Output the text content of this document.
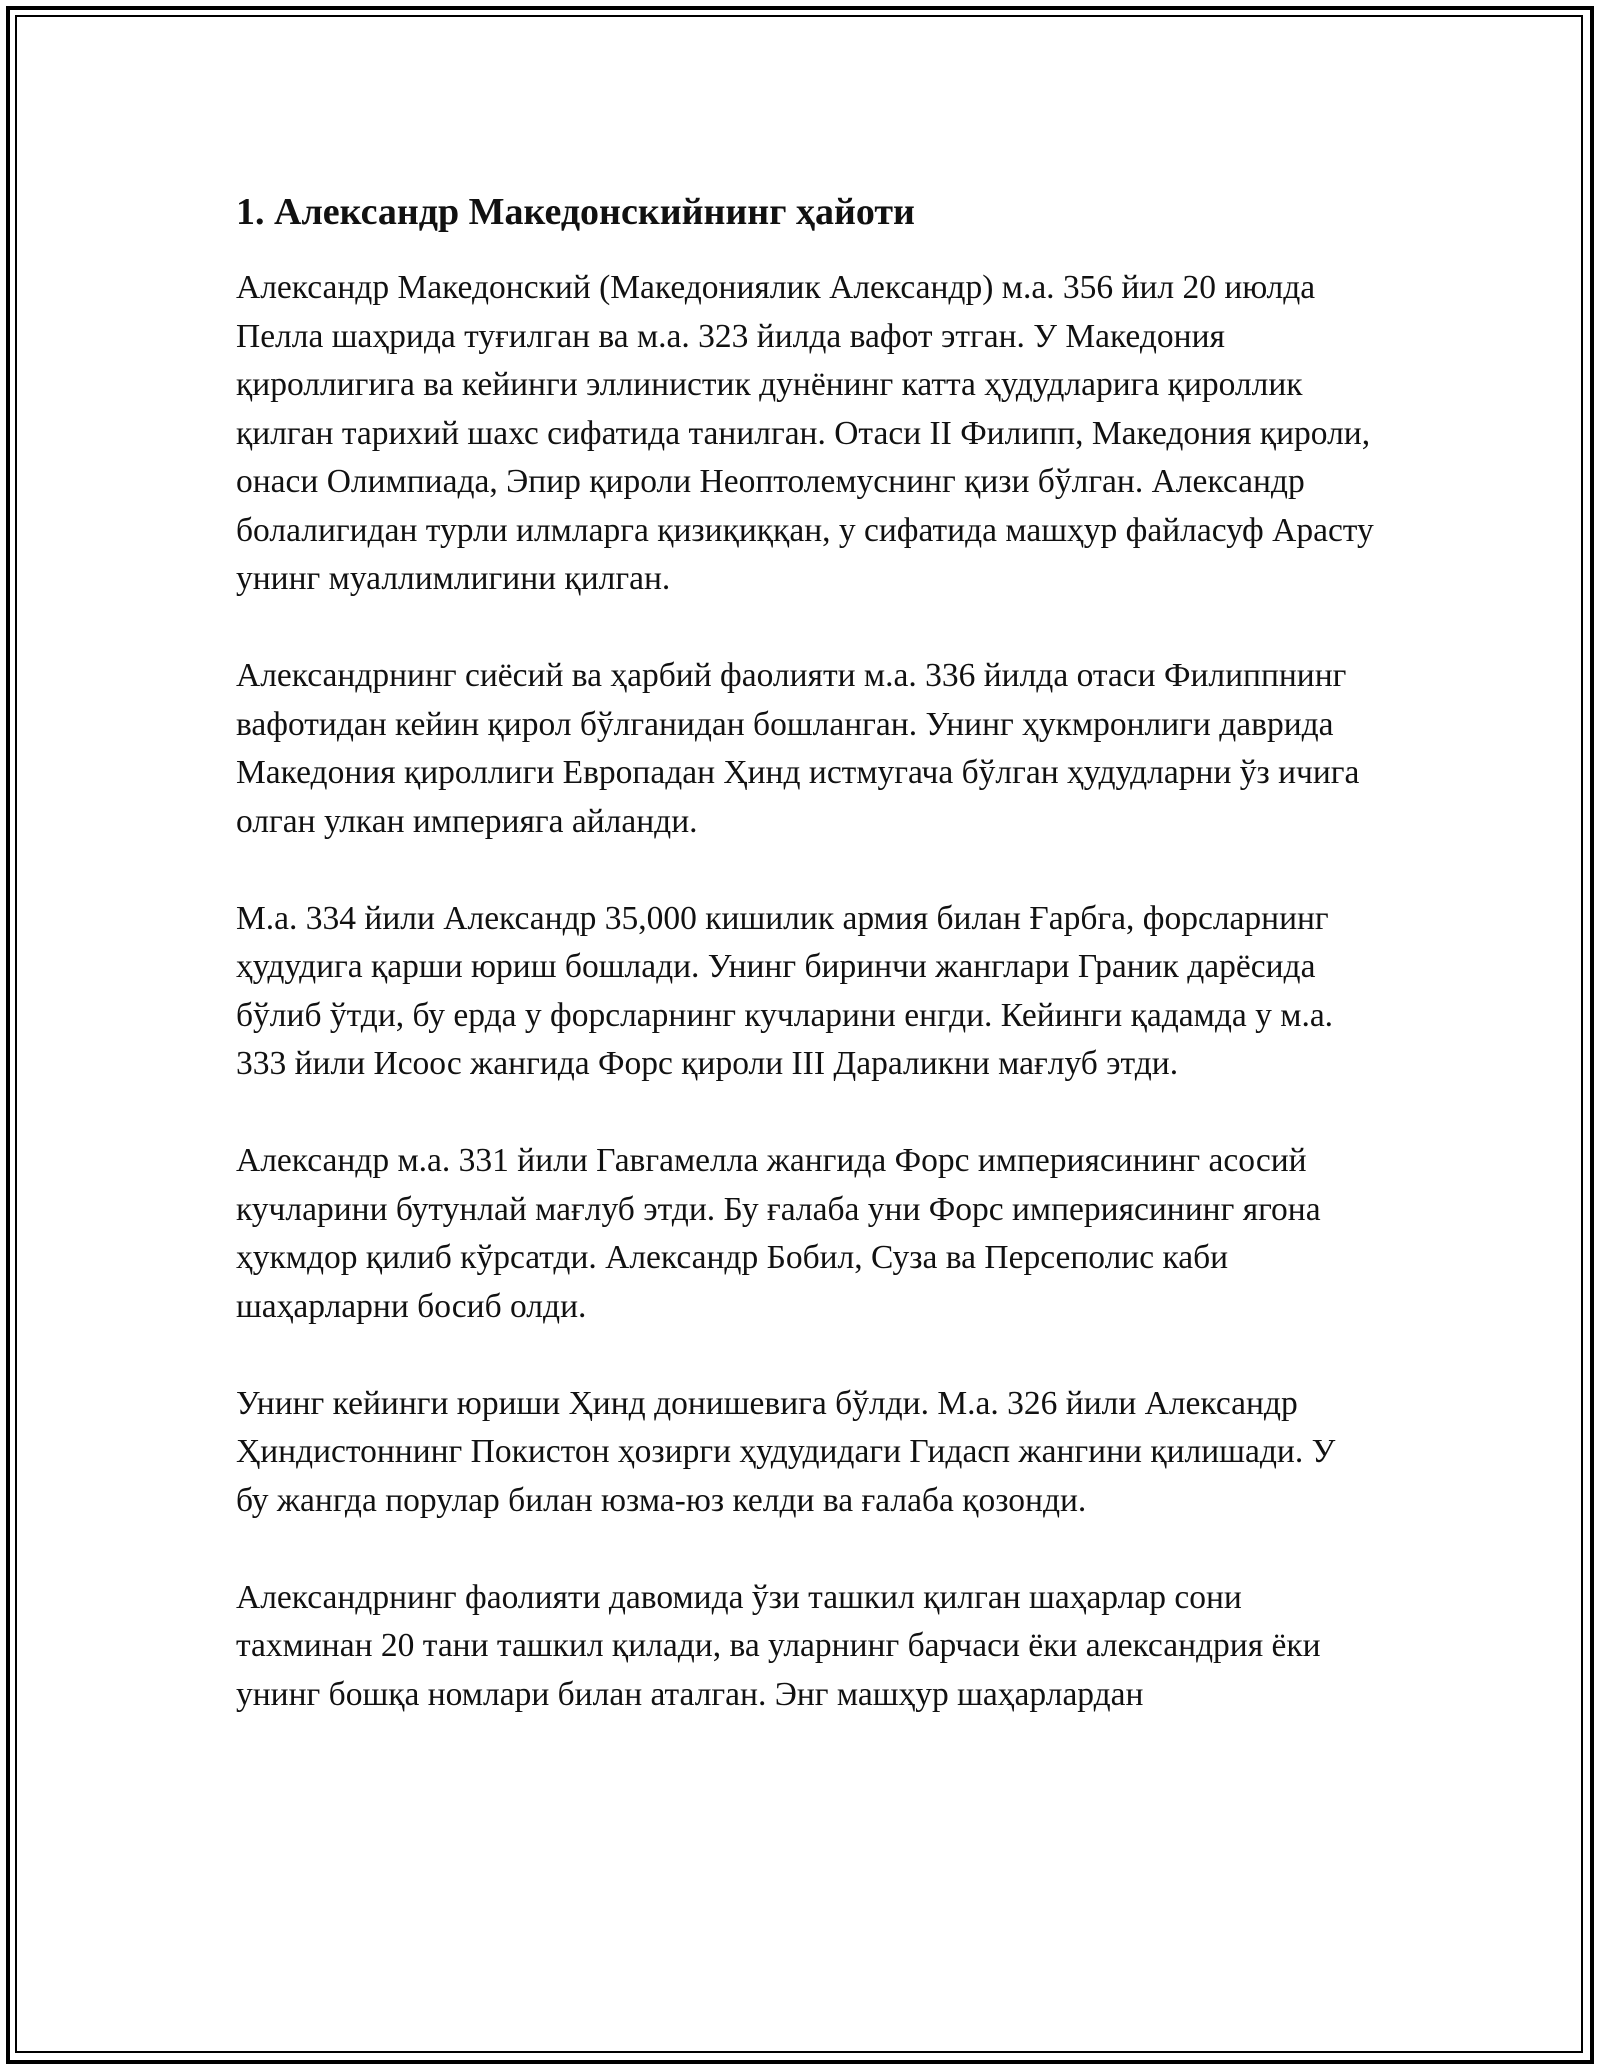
1. Александр Македонскийнинг ҳайоти

Александр Македонский (Македониялик Александр) м.а. 356 йил 20 июлда Пелла шаҳрида туғилган ва м.а. 323 йилда вафот этган. У Македония қироллигига ва кейинги эллинистик дунёнинг катта ҳудудларига қироллик қилган тарихий шахс сифатида танилган. Отаси II Филипп, Македония қироли, онаси Олимпиада, Эпир қироли Неоптолемуснинг қизи бўлган. Александр болалигидан турли илмларга қизиқиққан, у сифатида машҳур файласуф Арасту унинг муаллимлигини қилган.

Александрнинг сиёсий ва ҳарбий фаолияти м.а. 336 йилда отаси Филиппнинг вафотидан кейин қирол бўлганидан бошланган. Унинг ҳукмронлиги даврида Македония қироллиги Европадан Ҳинд истмугача бўлган ҳудудларни ўз ичига олган улкан империяга айланди.

М.а. 334 йили Александр 35,000 кишилик армия билан Ғарбга, форсларнинг ҳудудига қарши юриш бошлади. Унинг биринчи жанглари Граник дарёсида бўлиб ўтди, бу ерда у форсларнинг кучларини енгди. Кейинги қадамда у м.а. 333 йили Исоос жангида Форс қироли III Дараликни мағлуб этди.

Александр м.а. 331 йили Гавгамелла жангида Форс империясининг асосий кучларини бутунлай мағлуб этди. Бу ғалаба уни Форс империясининг ягона ҳукмдор қилиб кўрсатди. Александр Бобил, Суза ва Персеполис каби шаҳарларни босиб олди.

Унинг кейинги юриши Ҳинд донишевига бўлди. М.а. 326 йили Александр Ҳиндистоннинг Покистон ҳозирги ҳудудидаги Гидасп жангини қилишади. У бу жангда порулар билан юзма-юз келди ва ғалаба қозонди.

Александрнинг фаолияти давомида ўзи ташкил қилган шаҳарлар сони тахминан 20 тани ташкил қилади, ва уларнинг барчаси ёки александрия ёки унинг бошқа номлари билан аталган. Энг машҳур шаҳарлардан
